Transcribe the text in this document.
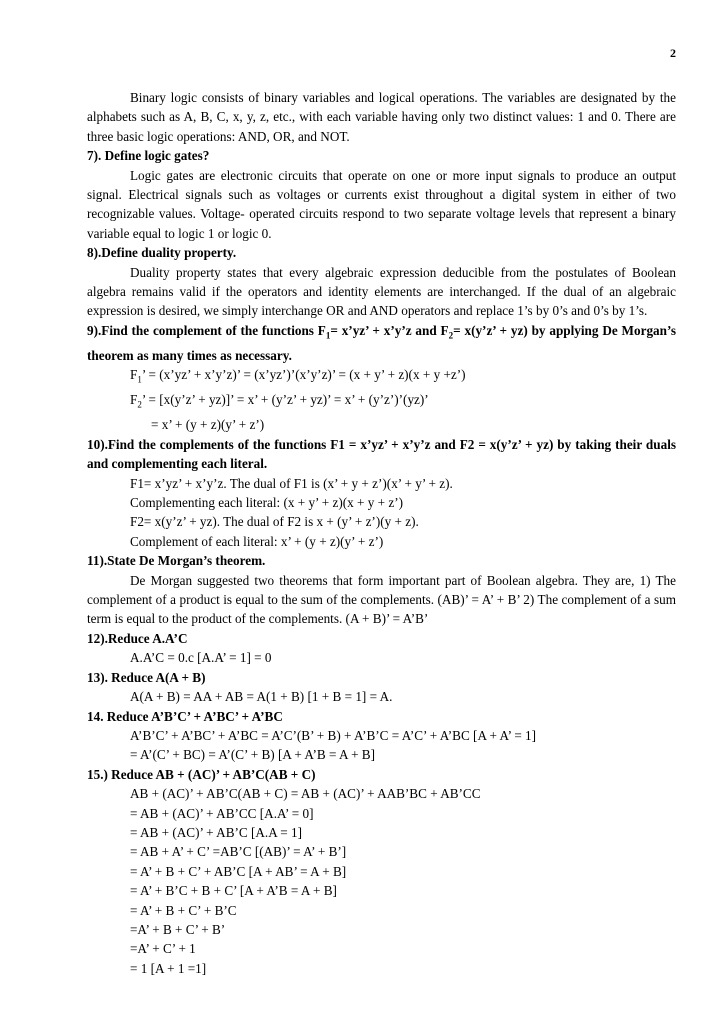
2

Binary logic consists of binary variables and logical operations. The variables are designated by the alphabets such as A, B, C, x, y, z, etc., with each variable having only two distinct values: 1 and 0. There are three basic logic operations: AND, OR, and NOT.

7). Define logic gates?

Logic gates are electronic circuits that operate on one or more input signals to produce an output signal. Electrical signals such as voltages or currents exist throughout a digital system in either of two recognizable values. Voltage- operated circuits respond to two separate voltage levels that represent a binary variable equal to logic 1 or logic 0.

8).Define duality property.

Duality property states that every algebraic expression deducible from the postulates of Boolean algebra remains valid if the operators and identity elements are interchanged. If the dual of an algebraic expression is desired, we simply interchange OR and AND operators and replace 1’s by 0’s and 0’s by 1’s.

9).Find the complement of the functions $F_1=$ x’yz’ + x’y’z and $F_2=$ x(y’z’ + yz) by applying De Morgan’s theorem as many times as necessary.

$F_1$’ = (x’yz’ + x’y’z)’ = (x’yz’)’(x’y’z)’ = (x + y’ + z)(x + y +z’)

$F_2$’ = [x(y’z’ + yz)]’ = x’ + (y’z’ + yz)’ = x’ + (y’z’)’(yz)’

= x’ + (y + z)(y’ + z’)

10).Find the complements of the functions F1 = x’yz’ + x’y’z and F2 = x(y’z’ + yz) by taking their duals and complementing each literal.

F1= x’yz’ + x’y’z. The dual of F1 is (x’ + y + z’)(x’ + y’ + z).

Complementing each literal: (x + y’ + z)(x + y + z’)

F2= x(y’z’ + yz). The dual of F2 is x + (y’ + z’)(y + z).

Complement of each literal: x’ + (y + z)(y’ + z’)

11).State De Morgan’s theorem.

De Morgan suggested two theorems that form important part of Boolean algebra. They are, 1) The complement of a product is equal to the sum of the complements. (AB)’ = A’ + B’ 2) The complement of a sum term is equal to the product of the complements. (A + B)’ = A’B’

12).Reduce A.A’C

A.A’C = 0.c [A.A’ = 1] = 0

13). Reduce A(A + B)

A(A + B) = AA + AB = A(1 + B) [1 + B = 1] = A.

14. Reduce A’B’C’ + A’BC’ + A’BC

A’B’C’ + A’BC’ + A’BC = A’C’(B’ + B) + A’B’C = A’C’ + A’BC [A + A’ = 1]

= A’(C’ + BC) = A’(C’ + B) [A + A’B = A + B]

15.) Reduce AB + (AC)’ + AB’C(AB + C)

AB + (AC)’ + AB’C(AB + C) = AB + (AC)’ + AAB’BC + AB’CC

= AB + (AC)’ + AB’CC [A.A’ = 0]

= AB + (AC)’ + AB’C [A.A = 1]

= AB + A’ + C’ =AB’C [(AB)’ = A’ + B’]

= A’ + B + C’ + AB’C [A + AB’ = A + B]

= A’ + B’C + B + C’ [A + A’B = A + B]

= A’ + B + C’ + B’C

=A’ + B + C’ + B’

=A’ + C’ + 1

= 1 [A + 1 =1]
